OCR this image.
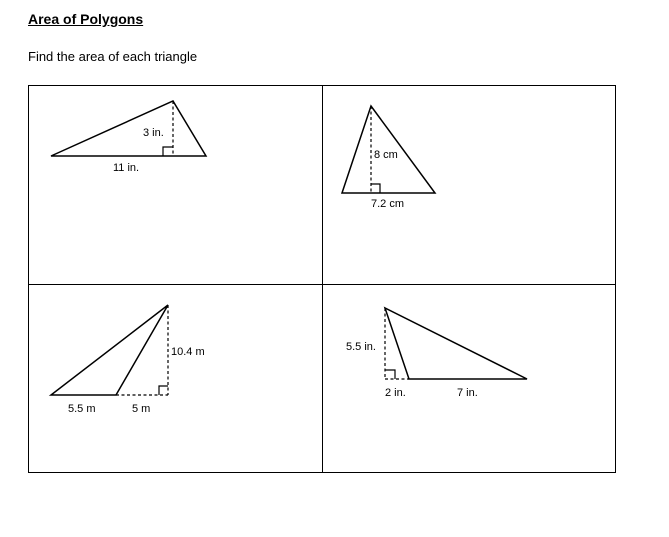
Area of Polygons
Find the area of each triangle
3 in.
11 in.
8 cm
7.2 cm
10.4 m
5.5 m	5 m
5.5 in.
2 in.	7 in.
